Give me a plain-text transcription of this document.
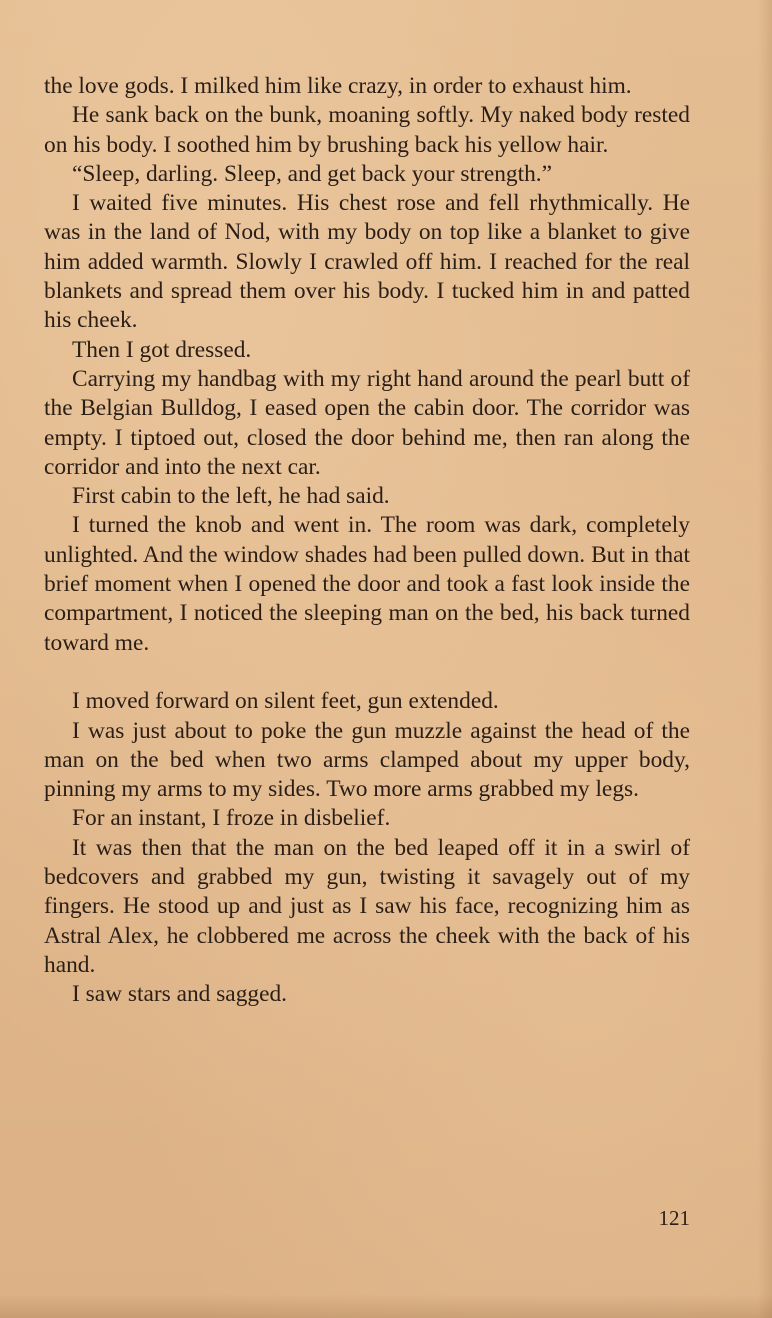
the love gods. I milked him like crazy, in order to exhaust him.

He sank back on the bunk, moaning softly. My naked body rested on his body. I soothed him by brushing back his yellow hair.

“Sleep, darling. Sleep, and get back your strength.”

I waited five minutes. His chest rose and fell rhythmically. He was in the land of Nod, with my body on top like a blanket to give him added warmth. Slowly I crawled off him. I reached for the real blankets and spread them over his body. I tucked him in and patted his cheek.

Then I got dressed.

Carrying my handbag with my right hand around the pearl butt of the Belgian Bulldog, I eased open the cabin door. The corridor was empty. I tiptoed out, closed the door behind me, then ran along the corridor and into the next car.

First cabin to the left, he had said.

I turned the knob and went in. The room was dark, completely unlighted. And the window shades had been pulled down. But in that brief moment when I opened the door and took a fast look inside the compartment, I noticed the sleeping man on the bed, his back turned toward me.

I moved forward on silent feet, gun extended.

I was just about to poke the gun muzzle against the head of the man on the bed when two arms clamped about my upper body, pinning my arms to my sides. Two more arms grabbed my legs.

For an instant, I froze in disbelief.

It was then that the man on the bed leaped off it in a swirl of bedcovers and grabbed my gun, twisting it savagely out of my fingers. He stood up and just as I saw his face, recognizing him as Astral Alex, he clobbered me across the cheek with the back of his hand.

I saw stars and sagged.

121
